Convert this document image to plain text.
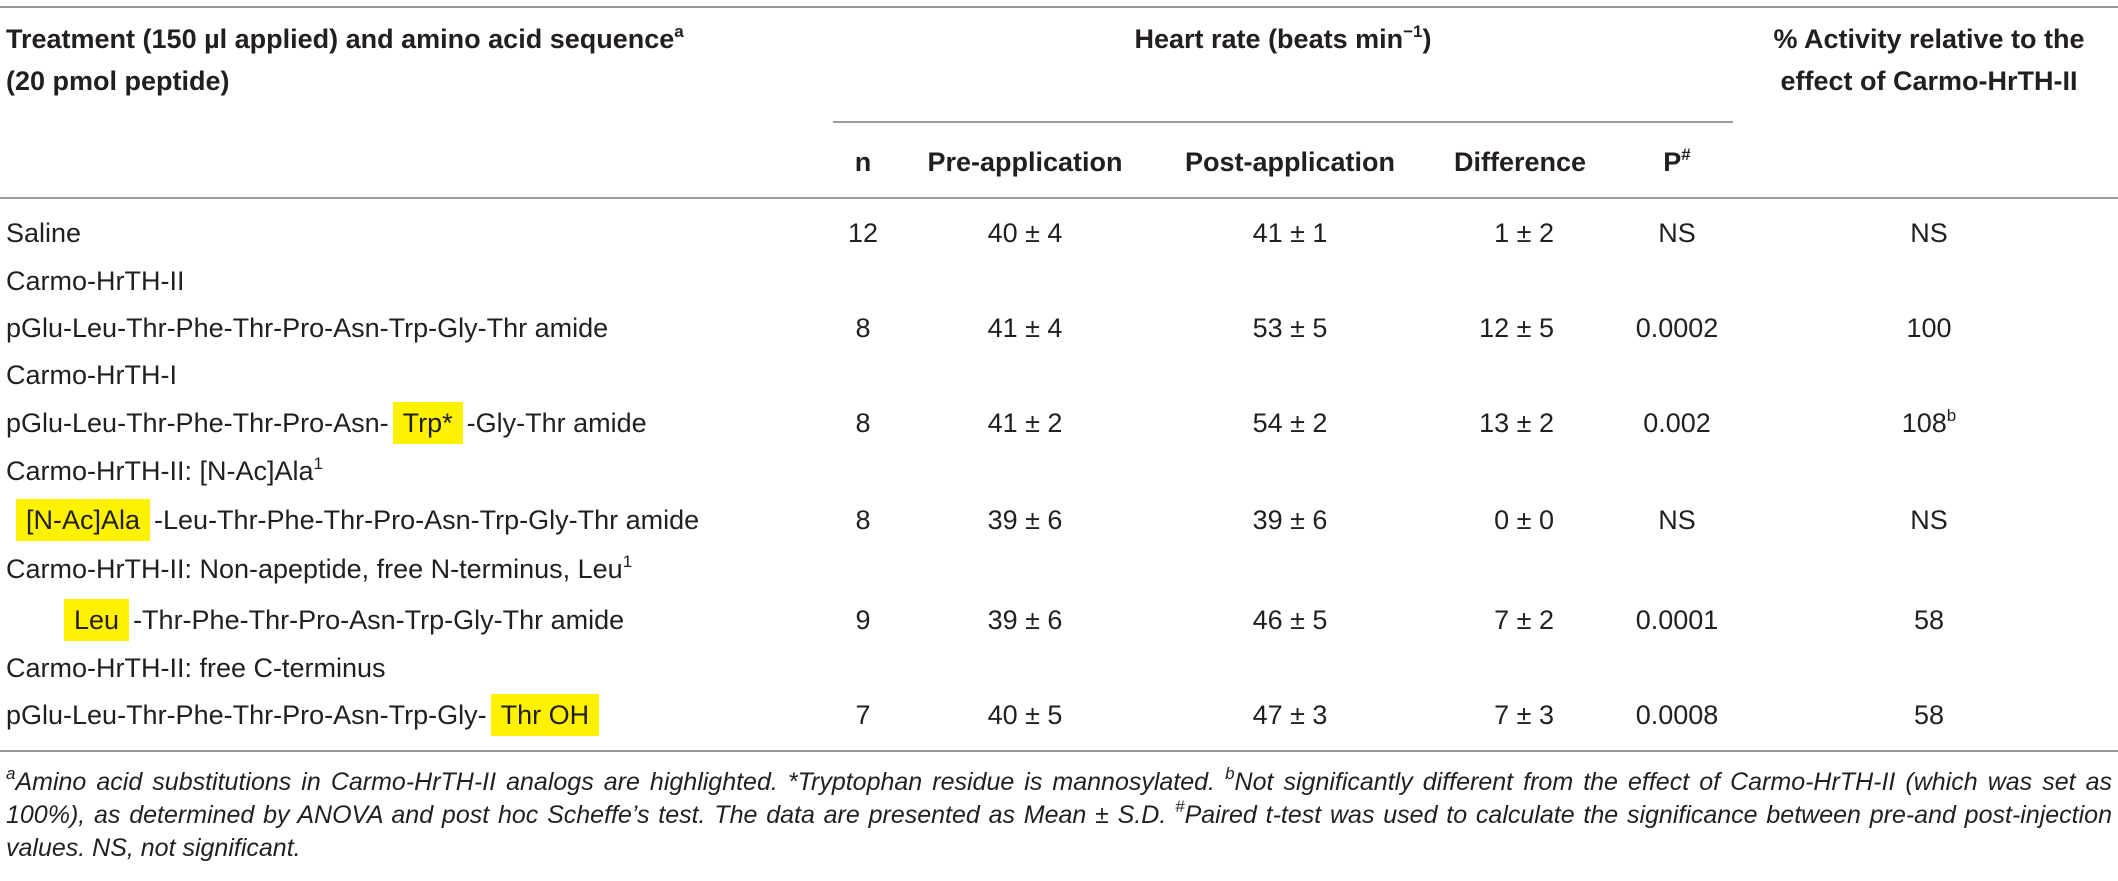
Treatment (150 µl applied) and amino acid sequence$^a$
(20 pmol peptide)
Heart rate (beats $\min^{-1}$)	% Activity relative to the
effect of Carmo-HrTH-II
n	Pre-application	Post-application	Difference	P#
Saline	12	40 ± 4	41 ± 1	1 ± 2	NS	NS
Carmo-HrTH-II
pGlu-Leu-Thr-Phe-Thr-Pro-Asn-Trp-Gly-Thr amide	8	41 ± 4	53 ± 5	12 ± 5	0.0002	100
Carmo-HrTH-I
pGlu-Leu-Thr-Phe-Thr-Pro-Asn- Trp* -Gly-Thr amide	8	41 ± 2	54 ± 2	13 ± 2	0.002	108$^b$
Carmo-HrTH-II: [N-Ac]Ala$^1$
[N-Ac]Ala -Leu-Thr-Phe-Thr-Pro-Asn-Trp-Gly-Thr amide	8	39 ± 6	39 ± 6	0 ± 0	NS	NS
Carmo-HrTH-II: Non-apeptide, free N-terminus, Leu$^1$
Leu -Thr-Phe-Thr-Pro-Asn-Trp-Gly-Thr amide	9	39 ± 6	46 ± 5	7 ± 2	0.0001	58
Carmo-HrTH-II: free C-terminus
pGlu-Leu-Thr-Phe-Thr-Pro-Asn-Trp-Gly- Thr OH	7	40 ± 5	47 ± 3	7 ± 3	0.0008	58
$^a$Amino acid substitutions in Carmo-HrTH-II analogs are highlighted. *Tryptophan residue is mannosylated. $^b$Not significantly different from the effect of Carmo-HrTH-II (which was set as 100%), as determined by ANOVA and post hoc Scheffe’s test. The data are presented as Mean ± S.D. #Paired t-test was used to calculate the significance between pre-and post-injection values. NS, not significant.
